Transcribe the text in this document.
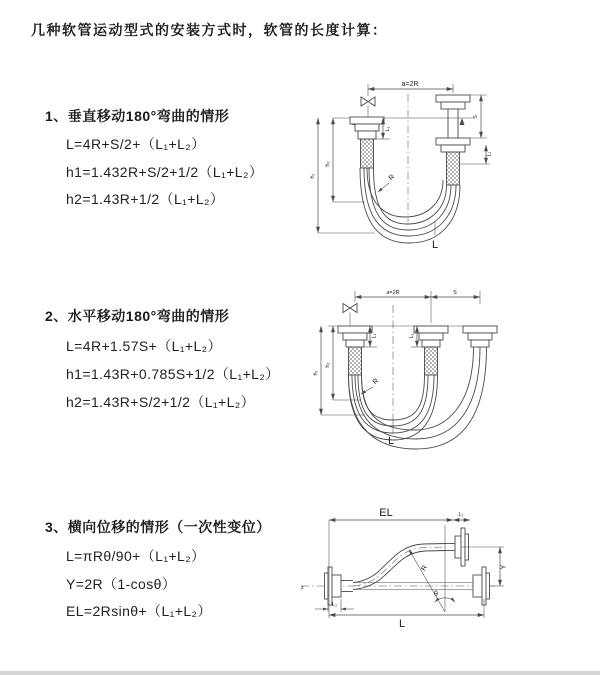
几种软管运动型式的安装方式时，软管的长度计算：
1、垂直移动180°弯曲的情形
L=4R+S/2+（L₁+L₂）
h1=1.432R+S/2+1/2（L₁+L₂）
h2=1.43R+1/2（L₁+L₂）
2、水平移动180°弯曲的情形
L=4R+1.57S+（L₁+L₂）
h1=1.43R+0.785S+1/2（L₁+L₂）
h2=1.43R+S/2+1/2（L₁+L₂）
3、横向位移的情形（一次性变位）
L=πRθ/90+（L₁+L₂）
Y=2R（1-cosθ）
EL=2Rsinθ+（L₁+L₂）
a=2R
h₁
h₂
L₁
S
L₁
R
L
a=2R	S
h₁
h₂
L₁	L₁
R
L
z
R
θ
EL	L₁
Y
L
L₁
